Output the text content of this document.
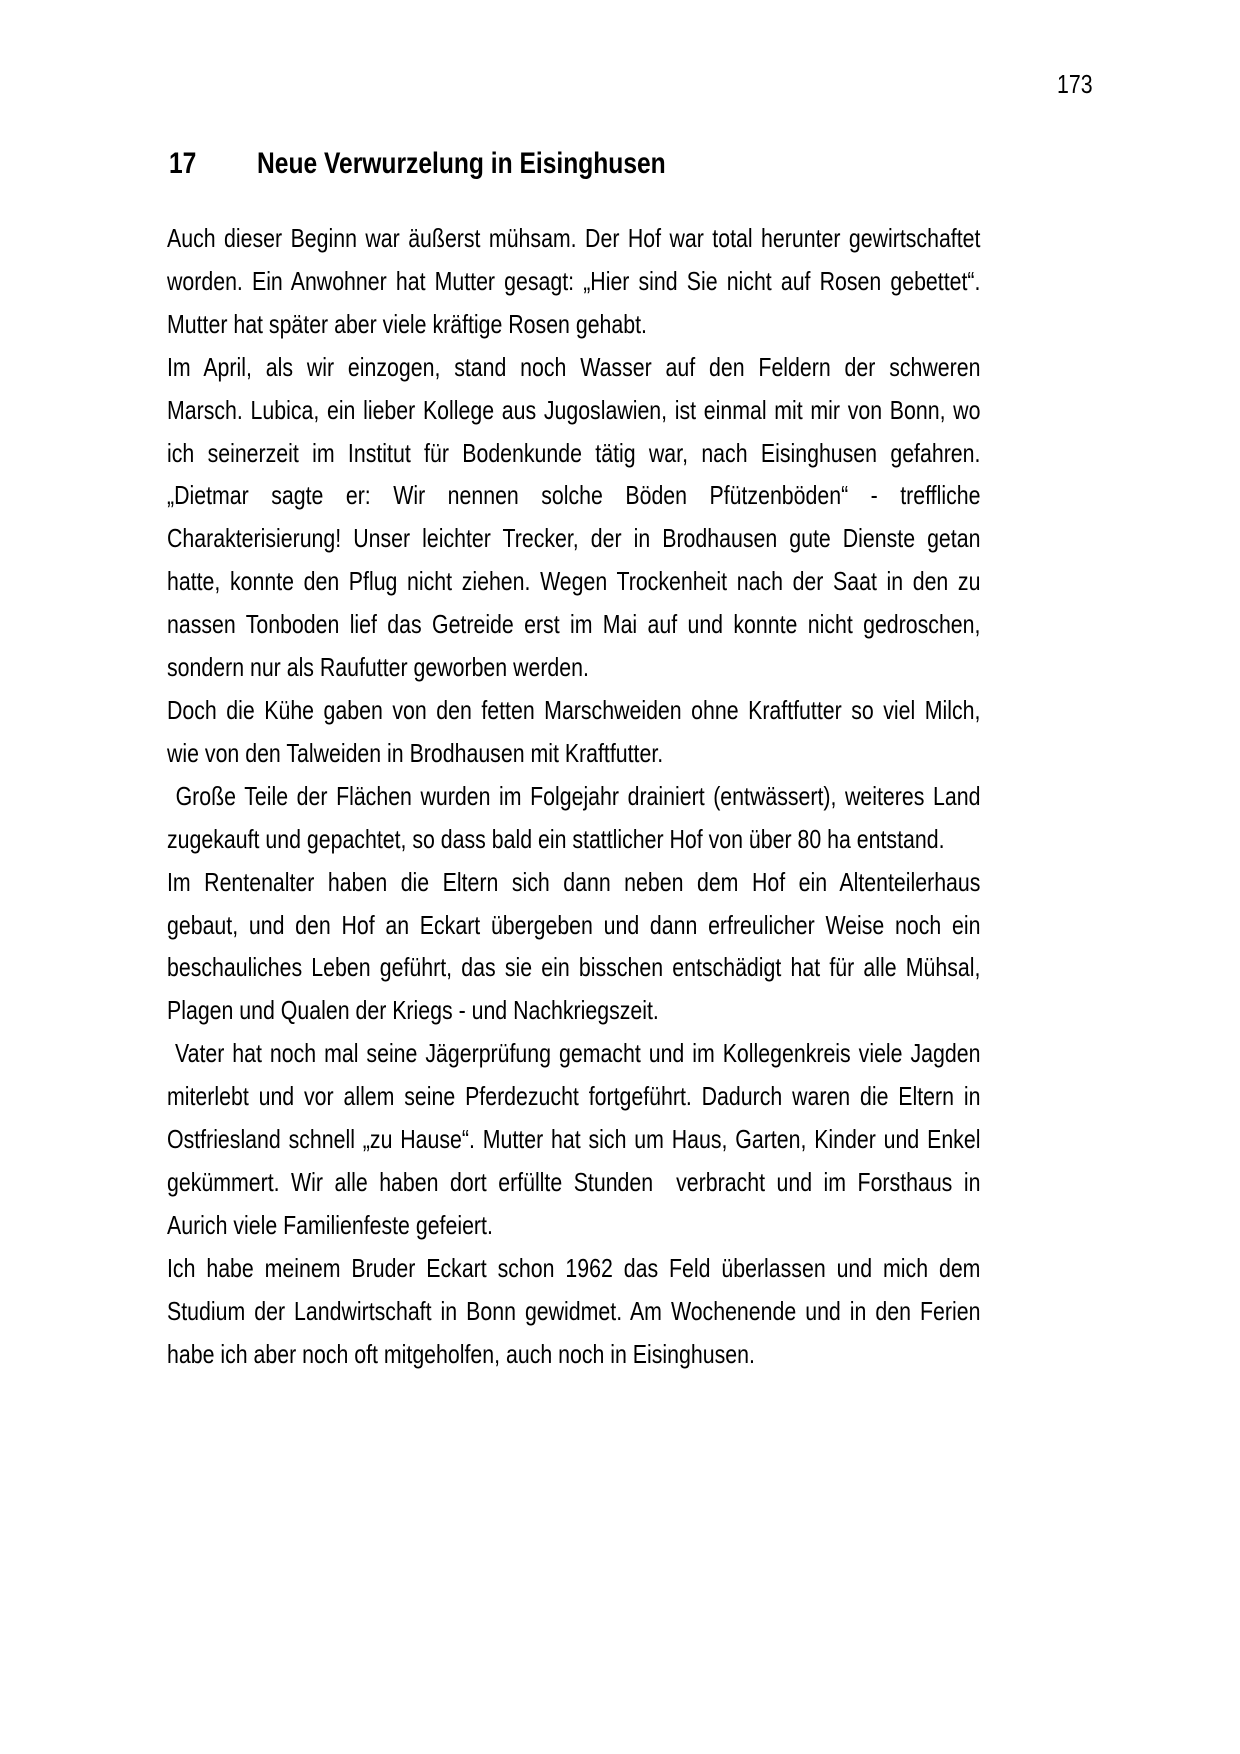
173
17 Neue Verwurzelung in Eisinghusen
Auch dieser Beginn war äußerst mühsam. Der Hof war total herunter gewirtschaftet
worden. Ein Anwohner hat Mutter gesagt: „Hier sind Sie nicht auf Rosen gebettet“.
Mutter hat später aber viele kräftige Rosen gehabt.
Im April, als wir einzogen, stand noch Wasser auf den Feldern der schweren
Marsch. Lubica, ein lieber Kollege aus Jugoslawien, ist einmal mit mir von Bonn, wo
ich seinerzeit im Institut für Bodenkunde tätig war, nach Eisinghusen gefahren.
„Dietmar sagte er: Wir nennen solche Böden Pfützenböden“ - treffliche
Charakterisierung! Unser leichter Trecker, der in Brodhausen gute Dienste getan
hatte, konnte den Pflug nicht ziehen. Wegen Trockenheit nach der Saat in den zu
nassen Tonboden lief das Getreide erst im Mai auf und konnte nicht gedroschen,
sondern nur als Raufutter geworben werden.
Doch die Kühe gaben von den fetten Marschweiden ohne Kraftfutter so viel Milch,
wie von den Talweiden in Brodhausen mit Kraftfutter.
Große Teile der Flächen wurden im Folgejahr drainiert (entwässert), weiteres Land
zugekauft und gepachtet, so dass bald ein stattlicher Hof von über 80 ha entstand.
Im Rentenalter haben die Eltern sich dann neben dem Hof ein Altenteilerhaus
gebaut, und den Hof an Eckart übergeben und dann erfreulicher Weise noch ein
beschauliches Leben geführt, das sie ein bisschen entschädigt hat für alle Mühsal,
Plagen und Qualen der Kriegs - und Nachkriegszeit.
Vater hat noch mal seine Jägerprüfung gemacht und im Kollegenkreis viele Jagden
miterlebt und vor allem seine Pferdezucht fortgeführt. Dadurch waren die Eltern in
Ostfriesland schnell „zu Hause“. Mutter hat sich um Haus, Garten, Kinder und Enkel
gekümmert. Wir alle haben dort erfüllte Stunden  verbracht und im Forsthaus in
Aurich viele Familienfeste gefeiert.
Ich habe meinem Bruder Eckart schon 1962 das Feld überlassen und mich dem
Studium der Landwirtschaft in Bonn gewidmet. Am Wochenende und in den Ferien
habe ich aber noch oft mitgeholfen, auch noch in Eisinghusen.
